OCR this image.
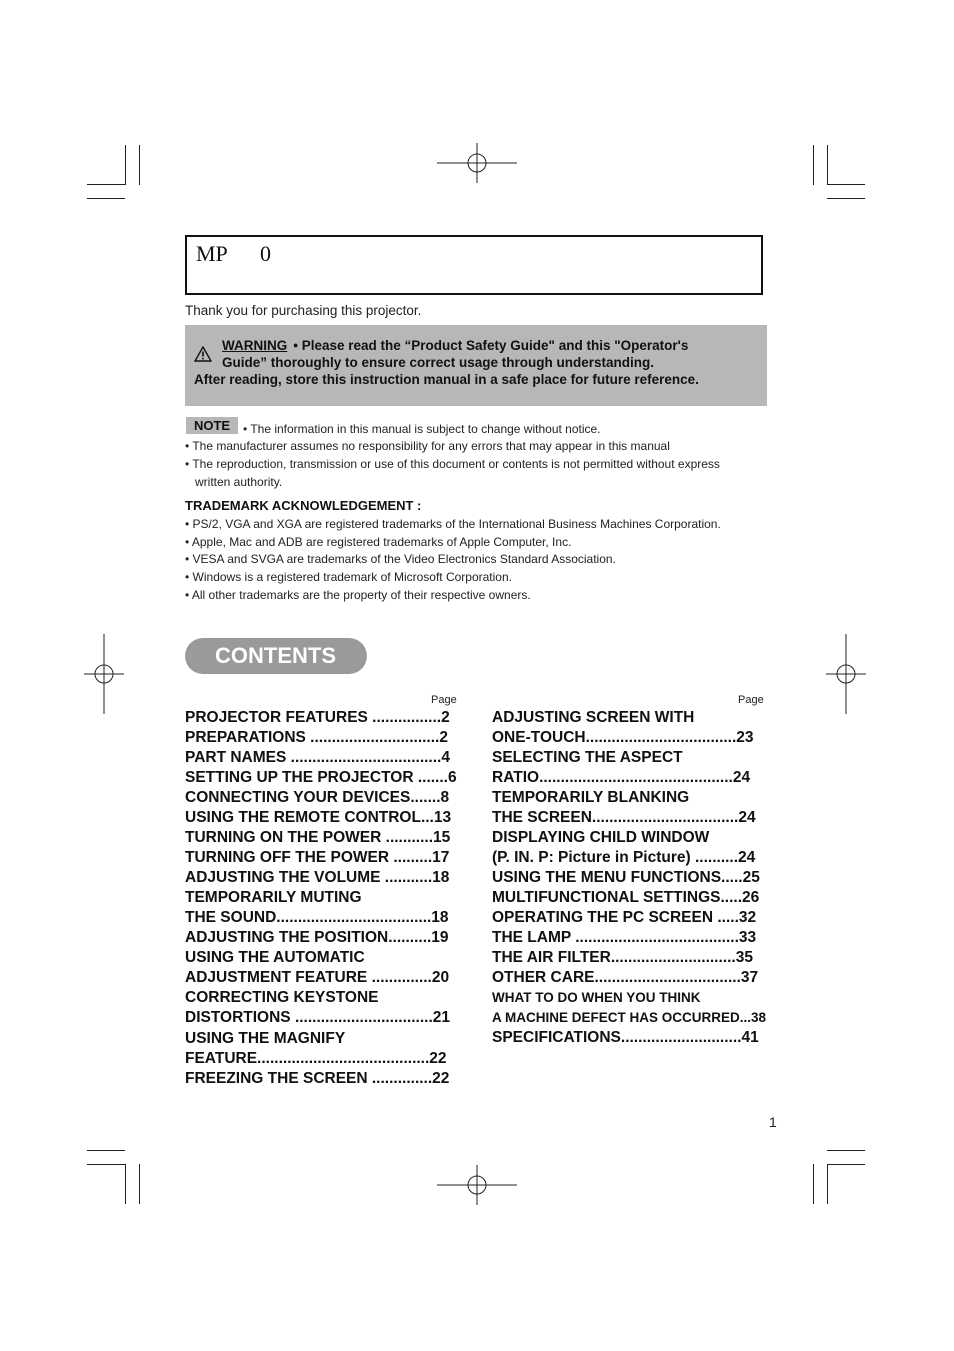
MP      0
Thank you for purchasing this projector.
WARNING • Please read the “Product Safety Guide" and this "Operator's
Guide” thoroughly to ensure correct usage through understanding.
After reading, store this instruction manual in a safe place for future reference.
NOTE	• The information in this manual is subject to change without notice.
• The manufacturer assumes no responsibility for any errors that may appear in this manual
• The reproduction, transmission or use of this document or contents is not permitted without express
written authority.
TRADEMARK ACKNOWLEDGEMENT :
• PS/2, VGA and XGA are registered trademarks of the International Business Machines Corporation.
• Apple, Mac and ADB are registered trademarks of Apple Computer, Inc.
• VESA and SVGA are trademarks of the Video Electronics Standard Association.
• Windows is a registered trademark of Microsoft Corporation.
• All other trademarks are the property of their respective owners.
CONTENTS
Page	Page
PROJECTOR FEATURES ................2
PREPARATIONS ..............................2
PART NAMES ...................................4
SETTING UP THE PROJECTOR .......6
CONNECTING YOUR DEVICES.......8
USING THE REMOTE CONTROL...13
TURNING ON THE POWER ...........15
TURNING OFF THE POWER .........17
ADJUSTING THE VOLUME ...........18
TEMPORARILY MUTING
THE SOUND....................................18
ADJUSTING THE POSITION..........19
USING THE AUTOMATIC
ADJUSTMENT FEATURE ..............20
CORRECTING KEYSTONE
DISTORTIONS ................................21
USING THE MAGNIFY
FEATURE........................................22
FREEZING THE SCREEN ..............22
ADJUSTING SCREEN WITH
ONE-TOUCH...................................23
SELECTING THE ASPECT
RATIO.............................................24
TEMPORARILY BLANKING
THE SCREEN..................................24
DISPLAYING CHILD WINDOW
(P. IN. P: Picture in Picture) ..........24
USING THE MENU FUNCTIONS.....25
MULTIFUNCTIONAL SETTINGS.....26
OPERATING THE PC SCREEN .....32
THE LAMP ......................................33
THE AIR FILTER.............................35
OTHER CARE..................................37
WHAT TO DO WHEN YOU THINK
A MACHINE DEFECT HAS OCCURRED...38
SPECIFICATIONS............................41
1
